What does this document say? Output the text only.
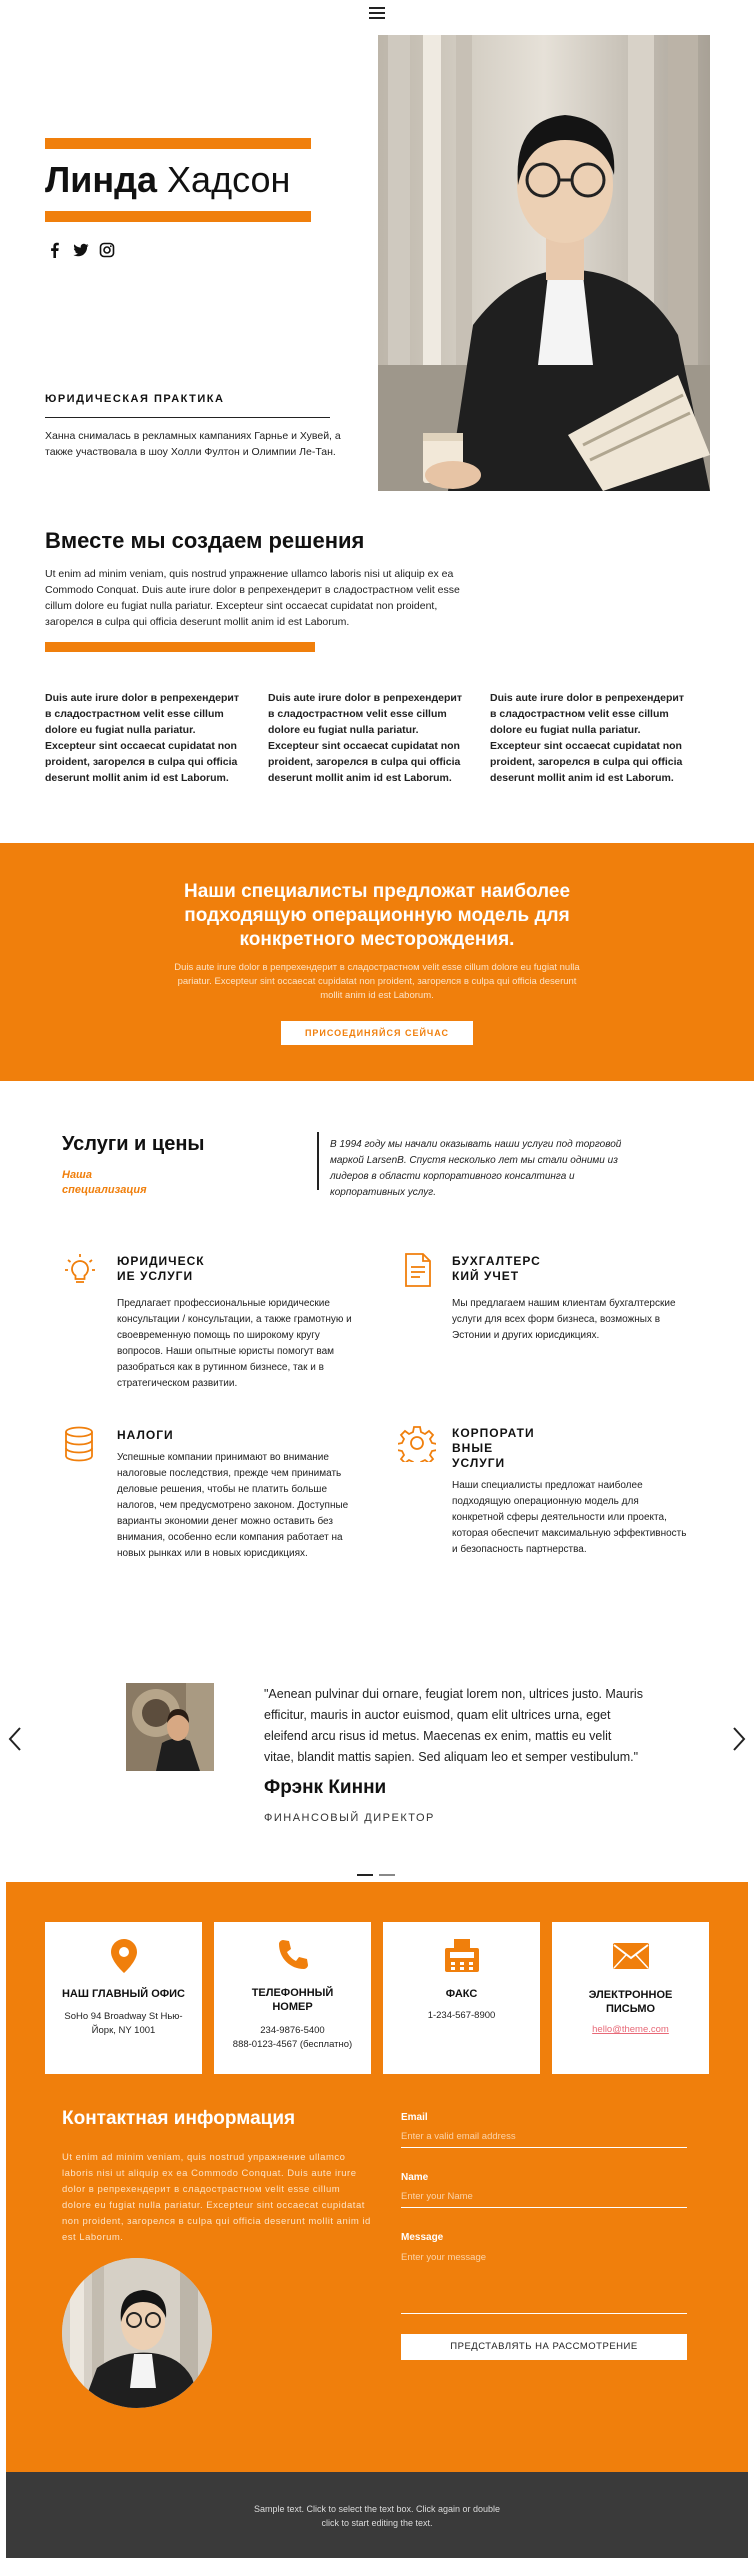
Линда Хадсон
ЮРИДИЧЕСКАЯ ПРАКТИКА
Ханна снималась в рекламных кампаниях Гарнье и Хувей, а также участвовала в шоу Холли Фултон и Олимпии Ле-Тан.
Вместе мы создаем решения
Ut enim ad minim veniam, quis nostrud упражнение ullamco laboris nisi ut aliquip ex ea Commodo Conquat. Duis aute irure dolor в репрехендерит в сладострастном velit esse cillum dolore eu fugiat nulla pariatur. Excepteur sint occaecat cupidatat non proident, загорелся в culpa qui officia deserunt mollit anim id est Laborum.
Duis aute irure dolor в репрехендерит в сладострастном velit esse cillum dolore eu fugiat nulla pariatur. Excepteur sint occaecat cupidatat non proident, загорелся в culpa qui officia deserunt mollit anim id est Laborum.
Duis aute irure dolor в репрехендерит в сладострастном velit esse cillum dolore eu fugiat nulla pariatur. Excepteur sint occaecat cupidatat non proident, загорелся в culpa qui officia deserunt mollit anim id est Laborum.
Duis aute irure dolor в репрехендерит в сладострастном velit esse cillum dolore eu fugiat nulla pariatur. Excepteur sint occaecat cupidatat non proident, загорелся в culpa qui officia deserunt mollit anim id est Laborum.
Наши специалисты предложат наиболее подходящую операционную модель для конкретного месторождения.
Duis aute irure dolor в репрехендерит в сладострастном velit esse cillum dolore eu fugiat nulla pariatur. Excepteur sint occaecat cupidatat non proident, загорелся в culpa qui officia deserunt mollit anim id est Laborum.
ПРИСОЕДИНЯЙСЯ СЕЙЧАС
Услуги и цены
Наша специализация
В 1994 году мы начали оказывать наши услуги под торговой маркой LarsenB. Спустя несколько лет мы стали одними из лидеров в области корпоративного консалтинга и корпоративных услуг.
ЮРИДИЧЕСК
ИЕ УСЛУГИ
Предлагает профессиональные юридические консультации / консультации, а также грамотную и своевременную помощь по широкому кругу вопросов. Наши опытные юристы помогут вам разобраться как в рутинном бизнесе, так и в стратегическом развитии.
БУХГАЛТЕРС
КИЙ УЧЕТ
Мы предлагаем нашим клиентам бухгалтерские услуги для всех форм бизнеса, возможных в Эстонии и других юрисдикциях.
НАЛОГИ
Успешные компании принимают во внимание налоговые последствия, прежде чем принимать деловые решения, чтобы не платить больше налогов, чем предусмотрено законом. Доступные варианты экономии денег можно оставить без внимания, особенно если компания работает на новых рынках или в новых юрисдикциях.
КОРПОРАТИ
ВНЫЕ
УСЛУГИ
Наши специалисты предложат наиболее подходящую операционную модель для конкретной сферы деятельности или проекта, которая обеспечит максимальную эффективность и безопасность партнерства.
"Aenean pulvinar dui ornare, feugiat lorem non, ultrices justo. Mauris efficitur, mauris in auctor euismod, quam elit ultrices urna, eget eleifend arcu risus id metus. Maecenas ex enim, mattis eu velit vitae, blandit mattis sapien. Sed aliquam leo et semper vestibulum."
Фрэнк Кинни
ФИНАНСОВЫЙ ДИРЕКТОР
НАШ ГЛАВНЫЙ ОФИС
SoHo 94 Broadway St Нью-Йорк, NY 1001
ТЕЛЕФОННЫЙ НОМЕР
234-9876-5400
888-0123-4567 (бесплатно)
ФАКС
1-234-567-8900
ЭЛЕКТРОННОЕ ПИСЬМО
hello@theme.com
Контактная информация
Ut enim ad minim veniam, quis nostrud упражнение ullamco laboris nisi ut aliquip ex ea Commodo Conquat. Duis aute irure dolor в репрехендерит в сладострастном velit esse cillum dolore eu fugiat nulla pariatur. Excepteur sint occaecat cupidatat non proident, загорелся в culpa qui officia deserunt mollit anim id est Laborum.
Email
Enter a valid email address
Name
Enter your Name
Message
Enter your message
ПРЕДСТАВЛЯТЬ НА РАССМОТРЕНИЕ
Sample text. Click to select the text box. Click again or double click to start editing the text.
